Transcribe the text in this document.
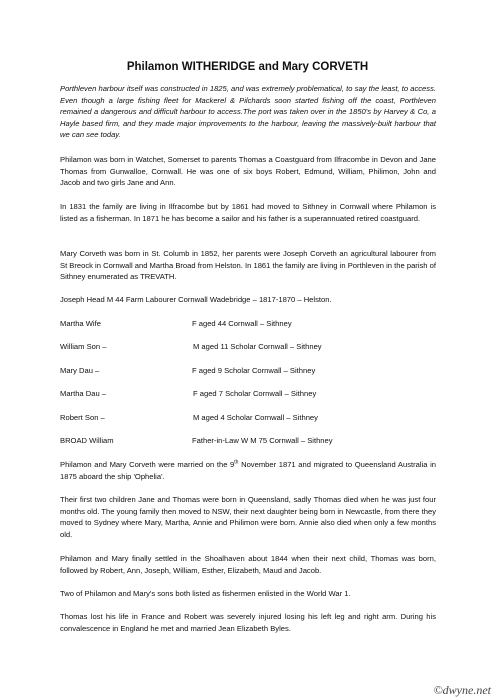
Philamon WITHERIDGE and Mary CORVETH
Porthleven harbour itself was constructed in 1825, and was extremely problematical, to say the least, to access. Even though a large fishing fleet for Mackerel & Pilchards soon started fishing off the coast, Porthleven remained a dangerous and difficult harbour to access.The port was taken over in the 1850's by Harvey & Co, a Hayle based firm, and they made major improvements to the harbour, leaving the massively-built harbour that we can see today.
Philamon was born in Watchet, Somerset to parents Thomas a Coastguard from Ilfracombe in Devon and Jane Thomas from Gunwalloe, Cornwall. He was one of six boys Robert, Edmund, William, Philimon, John and Jacob and two girls Jane and Ann.
In 1831 the family are living in Ilfracombe but by 1861 had moved to Sithney in Cornwall where Philamon is listed as a fisherman. In 1871 he has become a sailor and his father is a superannuated retired coastguard.
Mary Corveth was born in St. Columb in 1852, her parents were Joseph Corveth an agricultural labourer from St Breock in Cornwall and Martha Broad from Helston. In 1861 the family are living in Porthleven in the parish of Sithney enumerated as TREVATH.
Joseph Head M 44 Farm Labourer Cornwall Wadebridge – 1817-1870 – Helston.
Martha Wife	F aged 44 Cornwall – Sithney
William Son –	M aged 11 Scholar Cornwall – Sithney
Mary Dau –	F aged 9 Scholar Cornwall – Sithney
Martha Dau –	F aged 7 Scholar Cornwall – Sithney
Robert Son –	M aged 4 Scholar Cornwall – Sithney
BROAD William	Father-in-Law W M 75 Cornwall – Sithney
Philamon and Mary Corveth were married on the 9th November 1871 and migrated to Queensland Australia in 1875 aboard the ship 'Ophelia'.
Their first two children Jane and Thomas were born in Queensland, sadly Thomas died when he was just four months old. The young family then moved to NSW, their next daughter being born in Newcastle, from there they moved to Sydney where Mary, Martha, Annie and Philimon were born. Annie also died when only a few months old.
Philamon and Mary finally settled in the Shoalhaven about 1844 when their next child, Thomas was born, followed by Robert, Ann, Joseph, William, Esther, Elizabeth, Maud and Jacob.
Two of Philamon and Mary's sons both listed as fishermen enlisted in the World War 1.
Thomas lost his life in France and Robert was severely injured losing his left leg and right arm. During his convalescence in England he met and married Jean Elizabeth Byles.
©dwyne.net
